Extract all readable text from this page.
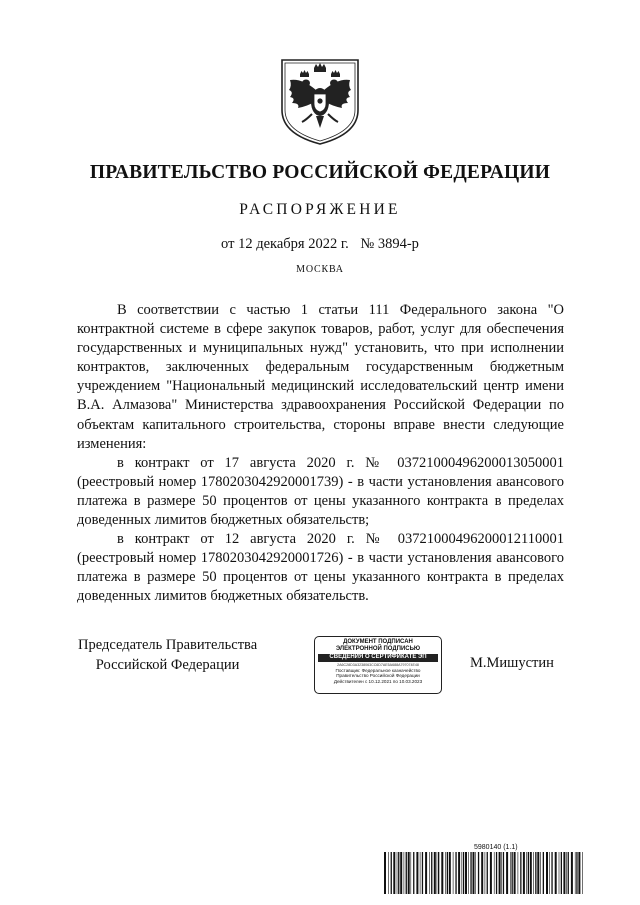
ПРАВИТЕЛЬСТВО РОССИЙСКОЙ ФЕДЕРАЦИИ
РАСПОРЯЖЕНИЕ
от 12 декабря 2022 г. № 3894-р
МОСКВА

В соответствии с частью 1 статьи 111 Федерального закона "О контрактной системе в сфере закупок товаров, работ, услуг для обеспечения государственных и муниципальных нужд" установить, что при исполнении контрактов, заключенных федеральным государственным бюджетным учреждением "Национальный медицинский исследовательский центр имени В.А. Алмазова" Министерства здравоохранения Российской Федерации по объектам капитального строительства, стороны вправе внести следующие изменения:

в контракт от 17 августа 2020 г. № 0372100049620001305000​1 (реестровый номер 1780203042920001739) - в части установления авансового платежа в размере 50 процентов от цены указанного контракта в пределах доведенных лимитов бюджетных обязательств;

в контракт от 12 августа 2020 г. № 03721000496200012110001 (реестровый номер 1780203042920001726) - в части установления авансового платежа в размере 50 процентов от цены указанного контракта в пределах доведенных лимитов бюджетных обязательств.

Председатель Правительства
Российской Федерации
ДОКУМЕНТ ПОДПИСАН
ЭЛЕКТРОННОЙ ПОДПИСЬЮ
СВЕДЕНИЯ О СЕРТИФИКАТЕ ЭП
2A6С28D3A3238063CC6D7AE5A688A797074E48
Поставщик: Федеральное казначейство
Правительство Российской Федерации
Действителен с 10.12.2021 по 10.03.2023
М.Мишустин
5980140 (1.1)
